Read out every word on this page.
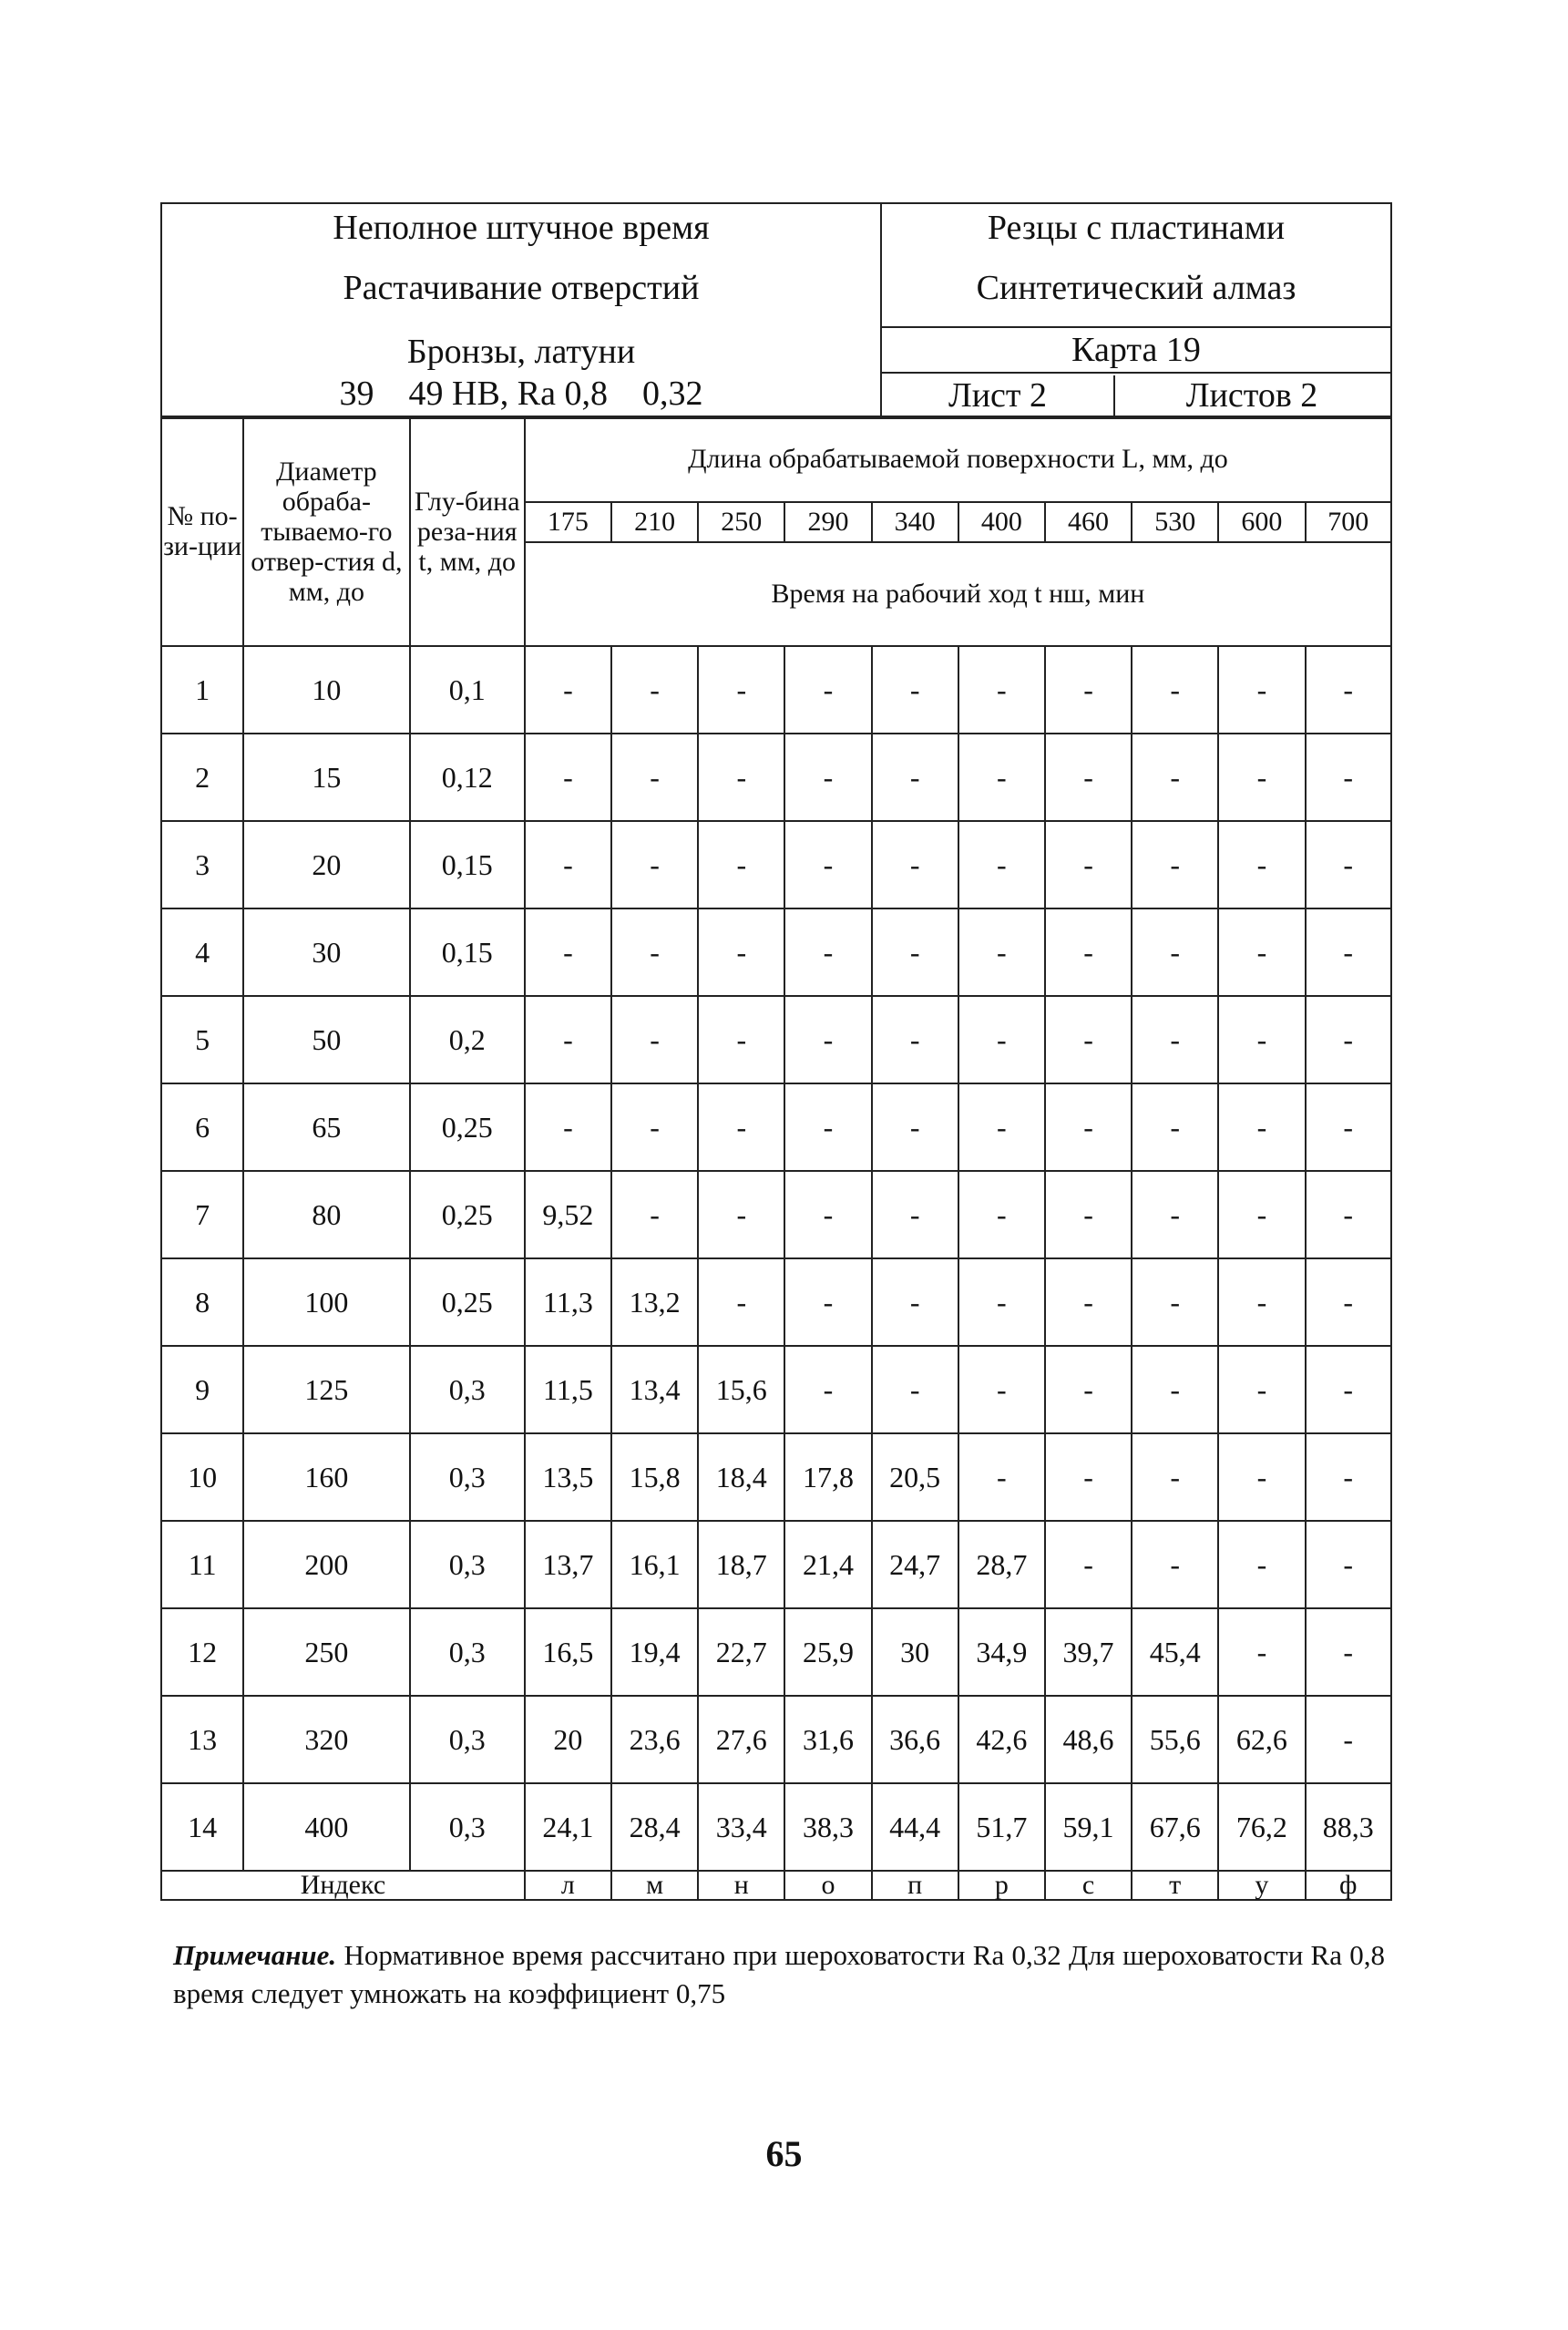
Неполное штучное время
Растачивание отверстий
Бронзы, латуни
39    49 HB, Ra 0,8    0,32
Резцы с пластинами
Синтетический алмаз
Карта 19
Лист 2	Листов 2
№ по-зи-ции	Диаметр обраба-тываемо-го отвер-стия d, мм, до	Глу-бина реза-ния t, мм, до	Длина обрабатываемой поверхности L, мм, до									
			175	210	250	290	340	400	460	530	600	700
			Время на рабочий ход t нш, мин									
1	10	0,1	-	-	-	-	-	-	-	-	-	-
2	15	0,12	-	-	-	-	-	-	-	-	-	-
3	20	0,15	-	-	-	-	-	-	-	-	-	-
4	30	0,15	-	-	-	-	-	-	-	-	-	-
5	50	0,2	-	-	-	-	-	-	-	-	-	-
6	65	0,25	-	-	-	-	-	-	-	-	-	-
7	80	0,25	9,52	-	-	-	-	-	-	-	-	-
8	100	0,25	11,3	13,2	-	-	-	-	-	-	-	-
9	125	0,3	11,5	13,4	15,6	-	-	-	-	-	-	-
10	160	0,3	13,5	15,8	18,4	17,8	20,5	-	-	-	-	-
11	200	0,3	13,7	16,1	18,7	21,4	24,7	28,7	-	-	-	-
12	250	0,3	16,5	19,4	22,7	25,9	30	34,9	39,7	45,4	-	-
13	320	0,3	20	23,6	27,6	31,6	36,6	42,6	48,6	55,6	62,6	-
14	400	0,3	24,1	28,4	33,4	38,3	44,4	51,7	59,1	67,6	76,2	88,3
Индекс			л	м	н	о	п	р	с	т	у	ф
Примечание. Нормативное время рассчитано при шероховатости Ra 0,32 Для шероховатости Ra 0,8 время следует умножать на коэффициент 0,75
65
